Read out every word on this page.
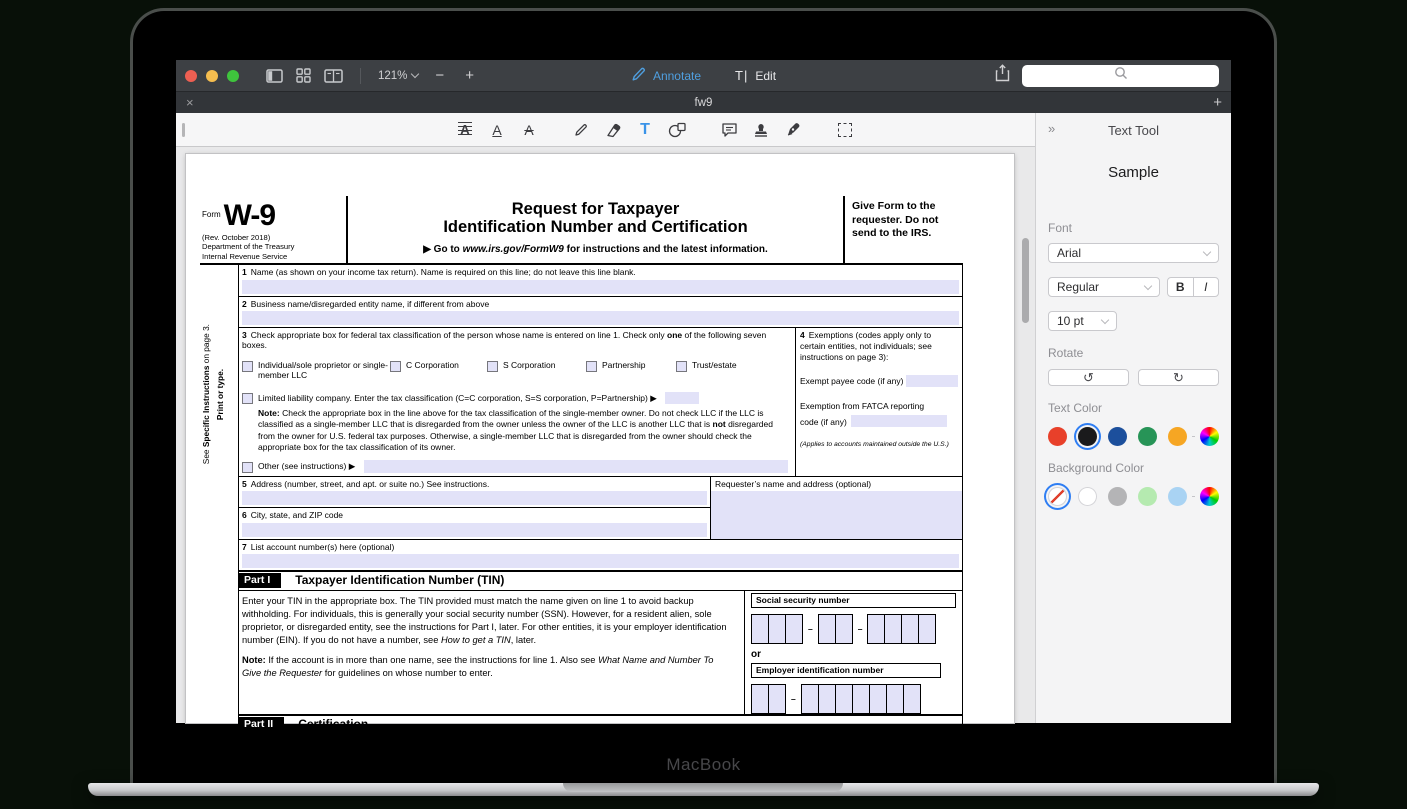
121% − +	Annotate	T| Edit
×	fw9	+
A A A	T
$^{Form}$ W-9
(Rev. October 2018)
Department of the Treasury
Internal Revenue Service
Request for Taxpayer
Identification Number and Certification
▶ Go to www.irs.gov/FormW9 for instructions and the latest information.
Give Form to the requester. Do not send to the IRS.
See Specific Instructions on page 3.
Print or type.
1 Name (as shown on your income tax return). Name is required on this line; do not leave this line blank.
2 Business name/disregarded entity name, if different from above
3 Check appropriate box for federal tax classification of the person whose name is entered on line 1. Check only one of the following seven boxes.
Individual/sole proprietor or single-member LLC
C Corporation	S Corporation	Partnership	Trust/estate
Limited liability company. Enter the tax classification (C=C corporation, S=S corporation, P=Partnership) ▶
Note: Check the appropriate box in the line above for the tax classification of the single-member owner. Do not check LLC if the LLC is classified as a single-member LLC that is disregarded from the owner unless the owner of the LLC is another LLC that is not disregarded from the owner for U.S. federal tax purposes. Otherwise, a single-member LLC that is disregarded from the owner should check the appropriate box for the tax classification of its owner.
Other (see instructions) ▶
4 Exemptions (codes apply only to certain entities, not individuals; see instructions on page 3):
Exempt payee code (if any)
Exemption from FATCA reporting
code (if any)
(Applies to accounts maintained outside the U.S.)
5 Address (number, street, and apt. or suite no.) See instructions.
6 City, state, and ZIP code
Requester’s name and address (optional)
7 List account number(s) here (optional)
Part I	Taxpayer Identification Number (TIN)

Enter your TIN in the appropriate box. The TIN provided must match the name given on line 1 to avoid backup withholding. For individuals, this is generally your social security number (SSN). However, for a resident alien, sole proprietor, or disregarded entity, see the instructions for Part I, later. For other entities, it is your employer identification number (EIN). If you do not have a number, see How to get a TIN, later.

Note: If the account is in more than one name, see the instructions for line 1. Also see What Name and Number To Give the Requester for guidelines on whose number to enter.

Social security number
–	–
or
Employer identification number
–
Part II	Certification
»	Text Tool
Sample
Font
Arial
Regular	B	I
10 pt
Rotate
↺	↻
Text Color
Background Color
MacBook
